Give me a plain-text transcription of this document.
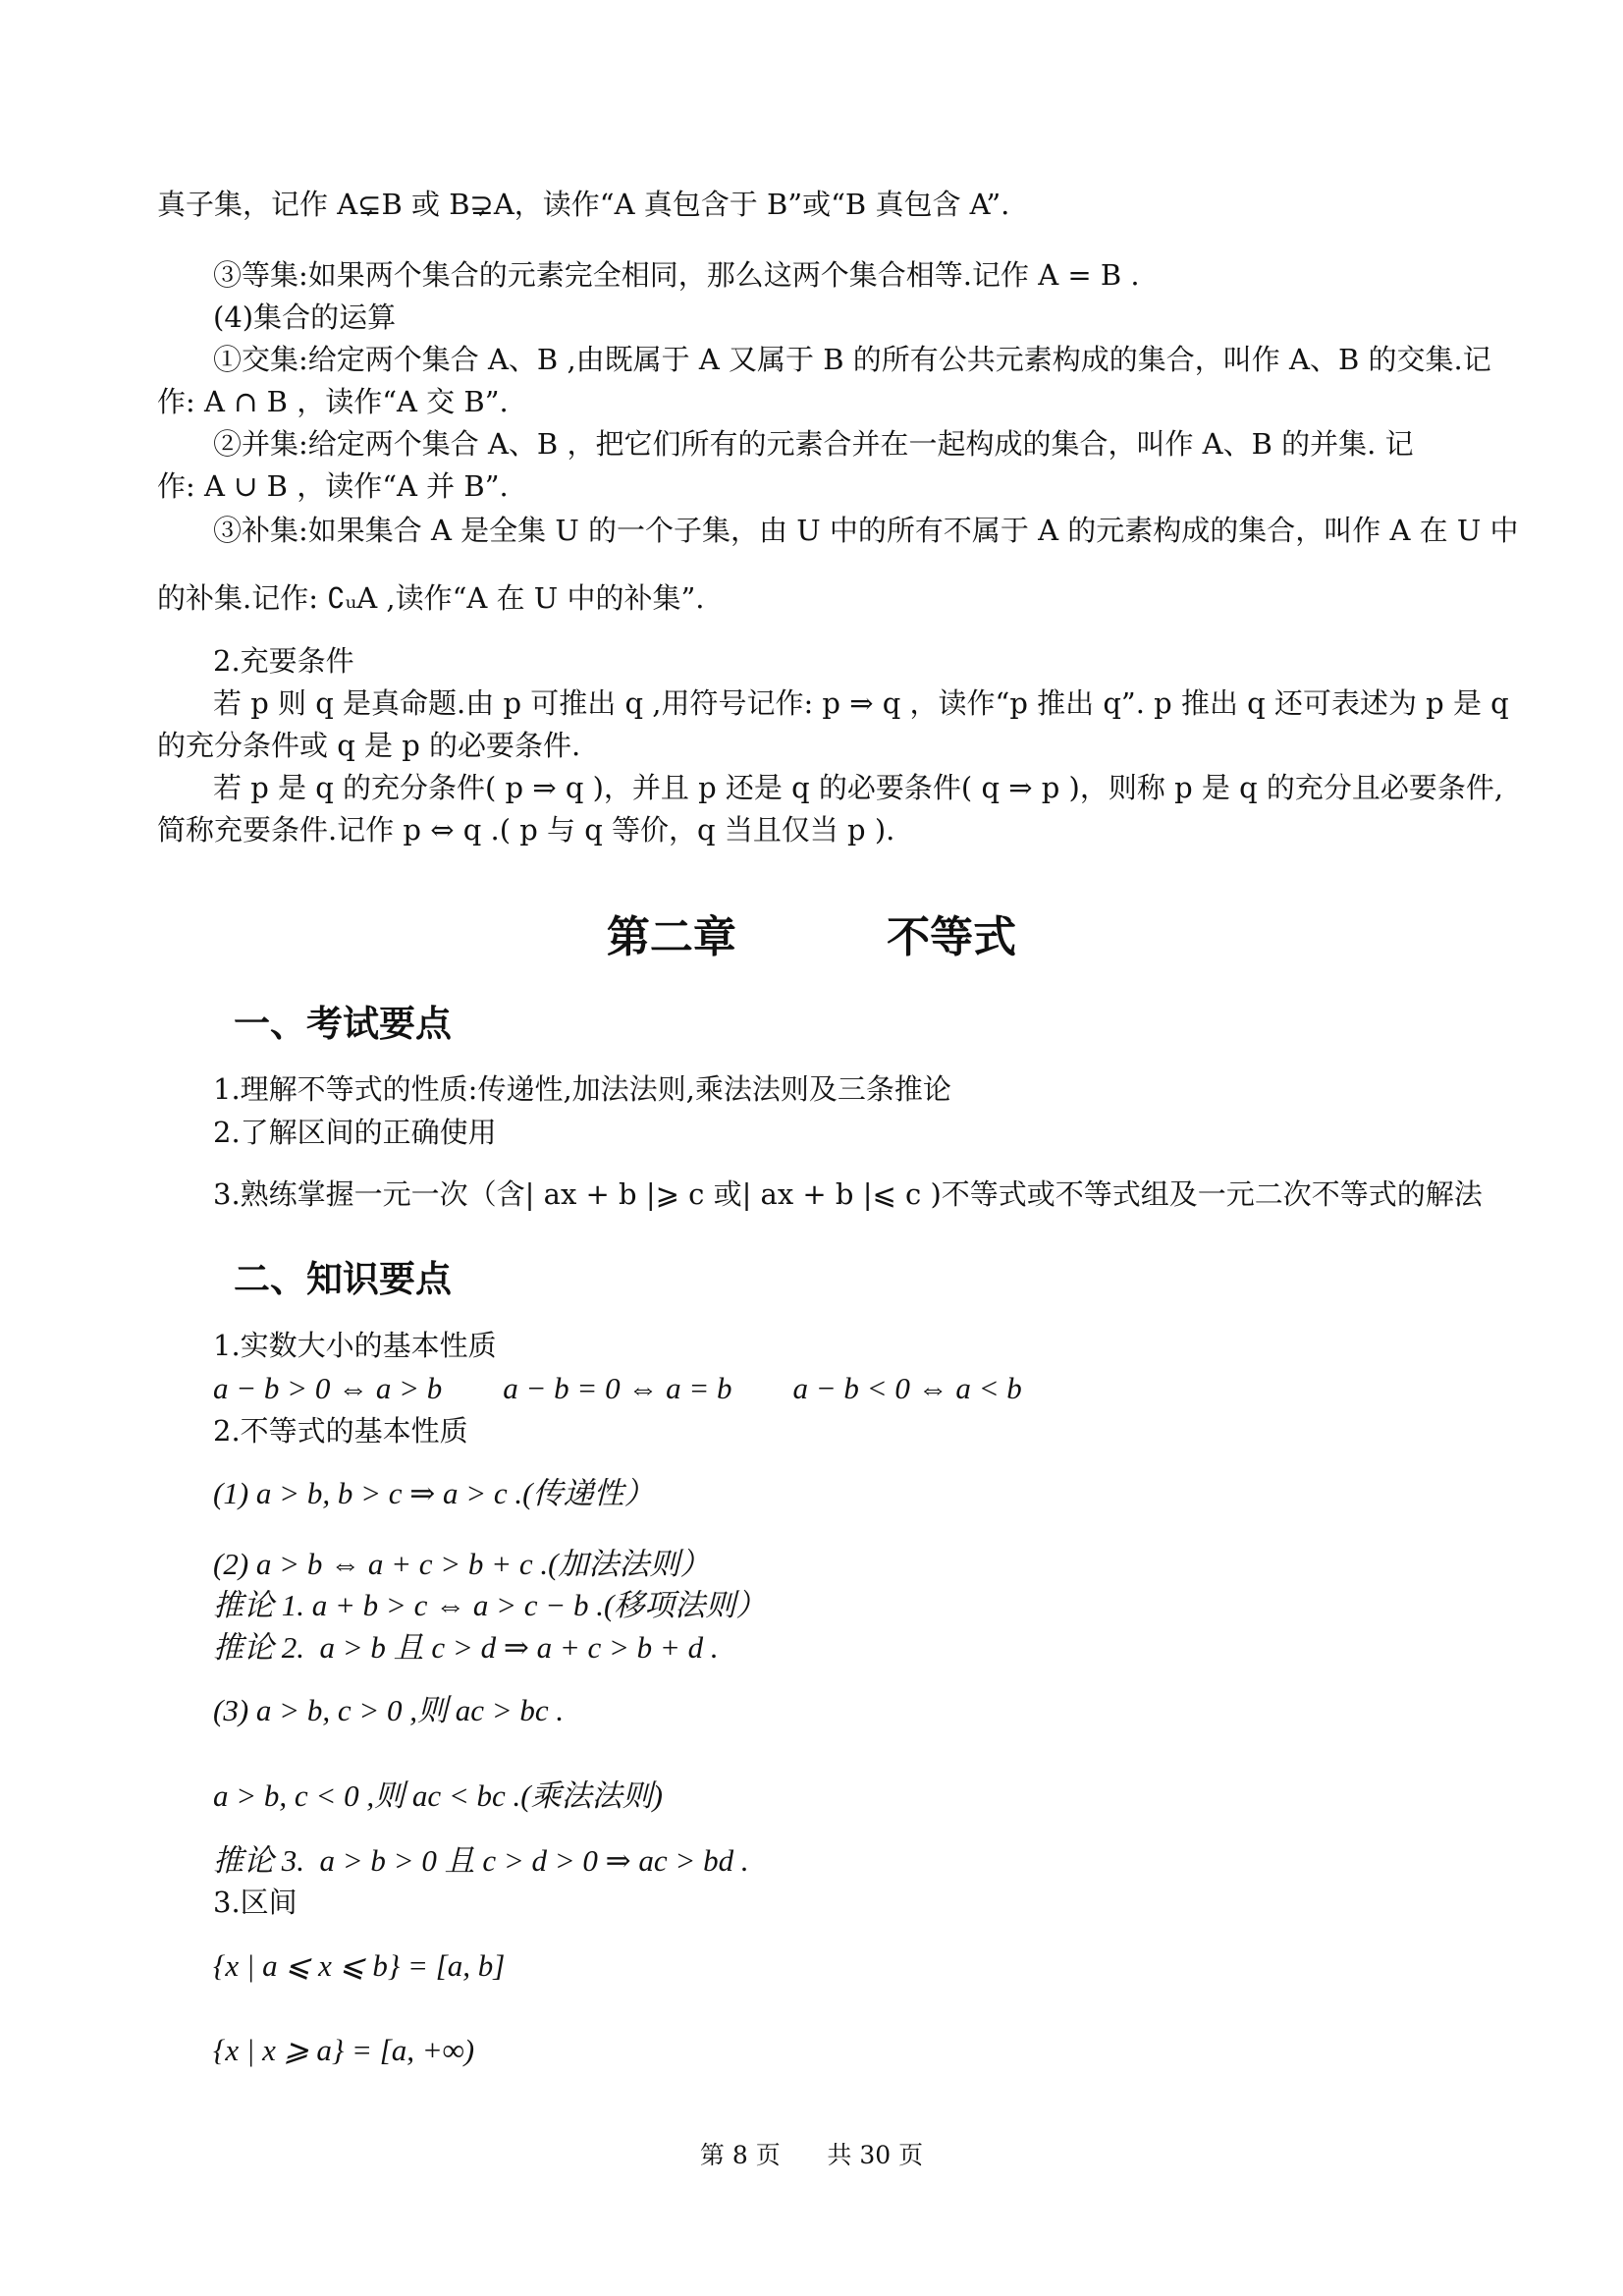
真子集，记作 A⊊B 或 B⊋A，读作“A 真包含于 B”或“B 真包含 A”.
③等集:如果两个集合的元素完全相同，那么这两个集合相等.记作 A = B .
(4)集合的运算
①交集:给定两个集合 A、B ,由既属于 A 又属于 B 的所有公共元素构成的集合，叫作 A、B 的交集.记
作: A ∩ B ，读作“A 交 B”.
②并集:给定两个集合 A、B ，把它们所有的元素合并在一起构成的集合，叫作 A、B 的并集. 记
作: A ∪ B ，读作“A 并 B”.
③补集:如果集合 A 是全集 U 的一个子集，由 U 中的所有不属于 A 的元素构成的集合，叫作 A 在 U 中
的补集.记作: ∁ᵤA ,读作“A 在 U 中的补集”.
2.充要条件
若 p 则 q 是真命题.由 p 可推出 q ,用符号记作: p ⇒ q ，读作“p 推出 q”. p 推出 q 还可表述为 p 是 q
的充分条件或 q 是 p 的必要条件.
若 p 是 q 的充分条件( p ⇒ q )，并且 p 还是 q 的必要条件( q ⇒ p )，则称 p 是 q 的充分且必要条件,
简称充要条件.记作 p ⇔ q .( p 与 q 等价，q 当且仅当 p ).
第二章          不等式
一、考试要点
1.理解不等式的性质:传递性,加法法则,乘法法则及三条推论
2.了解区间的正确使用
3.熟练掌握一元一次（含| ax + b |⩾ c 或| ax + b |⩽ c )不等式或不等式组及一元二次不等式的解法
二、知识要点
1.实数大小的基本性质
a − b > 0 ⇔ a > b        a − b = 0 ⇔ a = b        a − b < 0 ⇔ a < b
2.不等式的基本性质
(1) a > b, b > c ⇒ a > c .(传递性）
(2) a > b ⇔ a + c > b + c .(加法法则）
推论 1. a + b > c ⇔ a > c − b .(移项法则）
推论 2.  a > b 且 c > d ⇒ a + c > b + d .
(3) a > b, c > 0 ,则 ac > bc .
a > b, c < 0 ,则 ac < bc .(乘法法则)
推论 3.  a > b > 0 且 c > d > 0 ⇒ ac > bd .
3.区间
{x | a ⩽ x ⩽ b} = [a, b]
{x | x ⩾ a} = [a, +∞)
第 8 页      共 30 页
